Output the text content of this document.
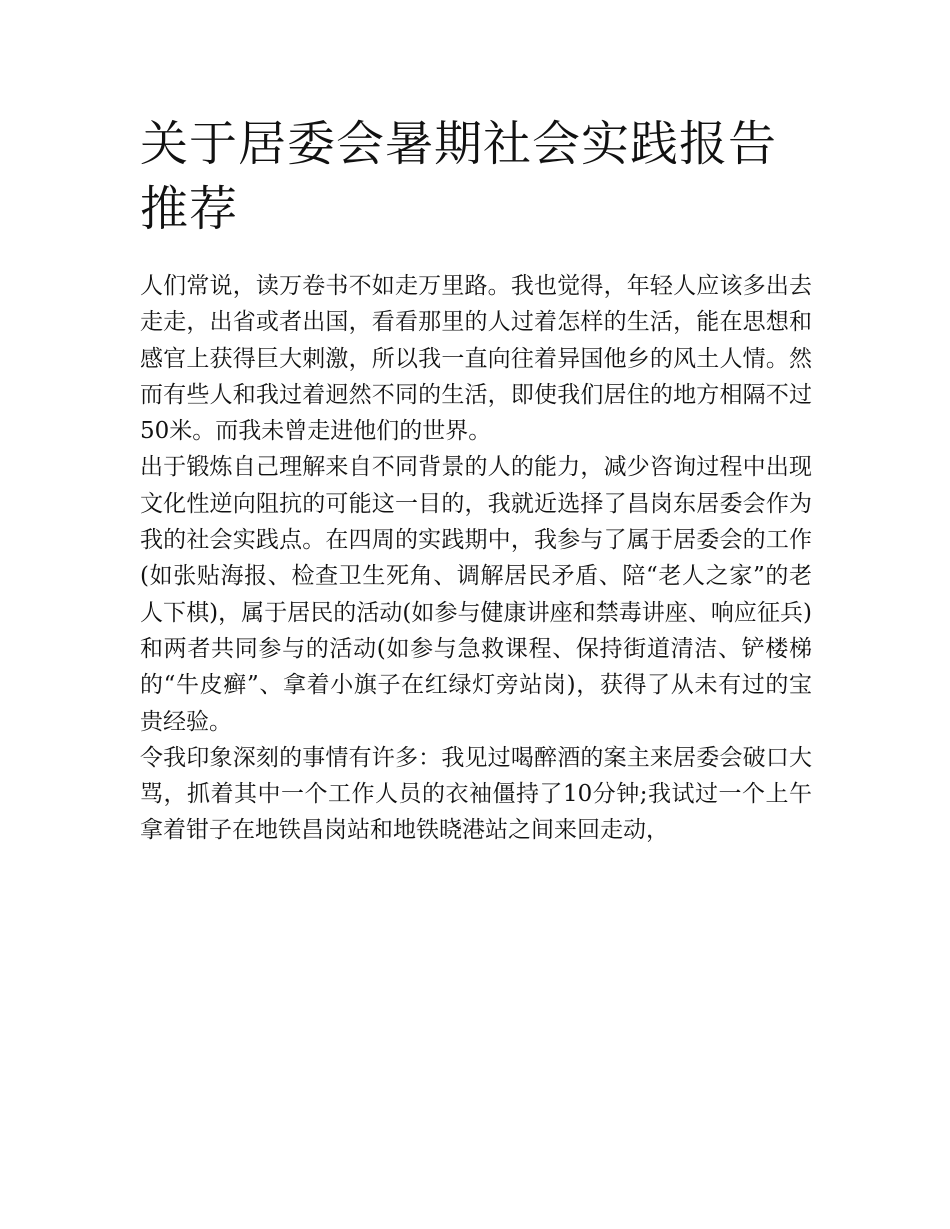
关于居委会暑期社会实践报告推荐

人们常说，读万卷书不如走万里路。我也觉得，年轻人应该多出去走走，出省或者出国，看看那里的人过着怎样的生活，能在思想和感官上获得巨大刺激，所以我一直向往着异国他乡的风土人情。然而有些人和我过着迥然不同的生活，即使我们居住的地方相隔不过50米。而我未曾走进他们的世界。

出于锻炼自己理解来自不同背景的人的能力，减少咨询过程中出现文化性逆向阻抗的可能这一目的，我就近选择了昌岗东居委会作为我的社会实践点。在四周的实践期中，我参与了属于居委会的工作(如张贴海报、检查卫生死角、调解居民矛盾、陪“老人之家”的老人下棋)，属于居民的活动(如参与健康讲座和禁毒讲座、响应征兵)和两者共同参与的活动(如参与急救课程、保持街道清洁、铲楼梯的“牛皮癣”、拿着小旗子在红绿灯旁站岗)，获得了从未有过的宝贵经验。

令我印象深刻的事情有许多：我见过喝醉酒的案主来居委会破口大骂，抓着其中一个工作人员的衣袖僵持了10分钟;我试过一个上午拿着钳子在地铁昌岗站和地铁晓港站之间来回走动，
